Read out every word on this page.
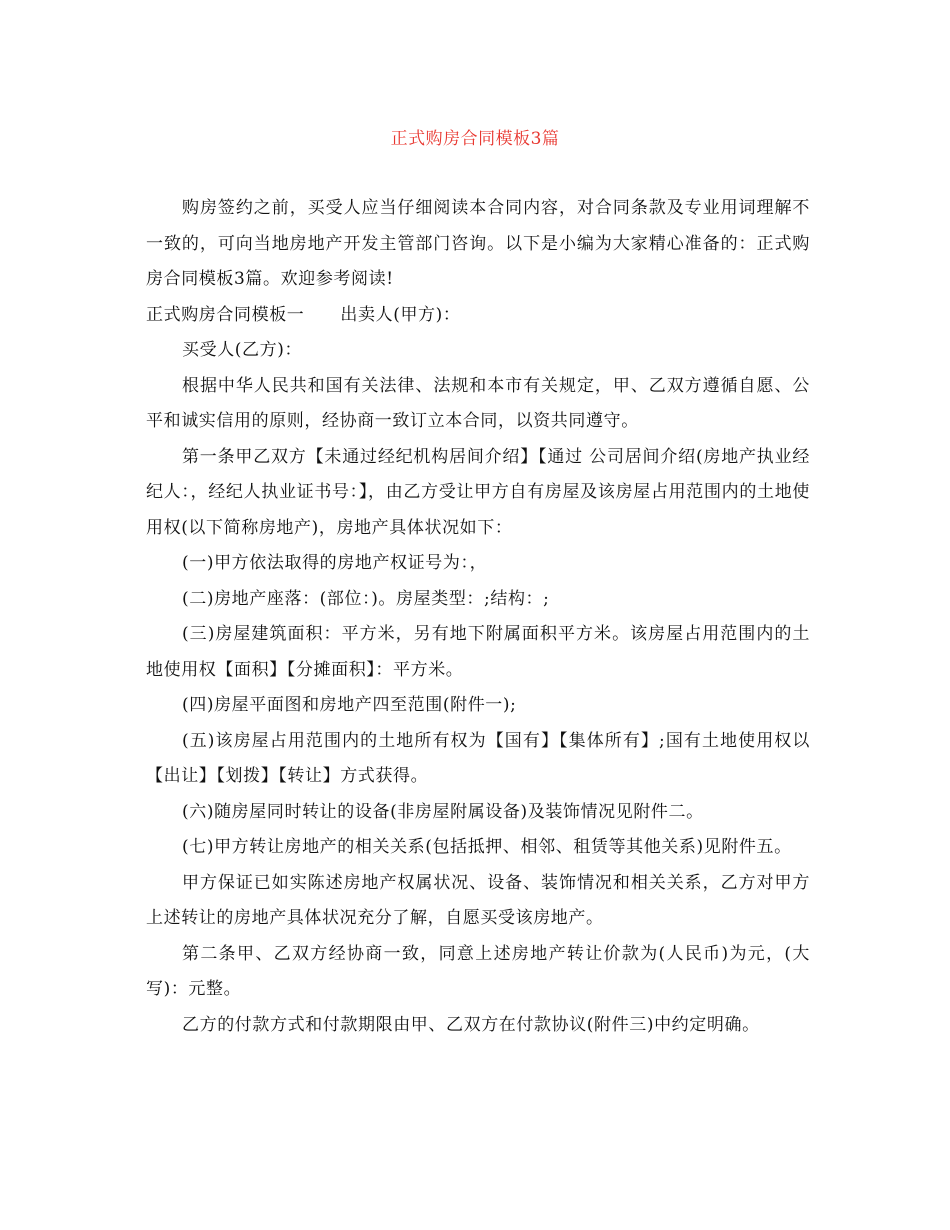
正式购房合同模板3篇

购房签约之前，买受人应当仔细阅读本合同内容，对合同条款及专业用词理解不一致的，可向当地房地产开发主管部门咨询。以下是小编为大家精心准备的：正式购房合同模板3篇。欢迎参考阅读!

正式购房合同模板一 出卖人(甲方)：

买受人(乙方)：

根据中华人民共和国有关法律、法规和本市有关规定，甲、乙双方遵循自愿、公平和诚实信用的原则，经协商一致订立本合同，以资共同遵守。

第一条甲乙双方【未通过经纪机构居间介绍】【通过 公司居间介绍(房地产执业经纪人：，经纪人执业证书号：】，由乙方受让甲方自有房屋及该房屋占用范围内的土地使用权(以下简称房地产)，房地产具体状况如下：

(一)甲方依法取得的房地产权证号为：，

(二)房地产座落：(部位：)。房屋类型：;结构：;

(三)房屋建筑面积：平方米，另有地下附属面积平方米。该房屋占用范围内的土地使用权【面积】【分摊面积】：平方米。

(四)房屋平面图和房地产四至范围(附件一);

(五)该房屋占用范围内的土地所有权为【国有】【集体所有】;国有土地使用权以【出让】【划拨】【转让】方式获得。

(六)随房屋同时转让的设备(非房屋附属设备)及装饰情况见附件二。

(七)甲方转让房地产的相关关系(包括抵押、相邻、租赁等其他关系)见附件五。

甲方保证已如实陈述房地产权属状况、设备、装饰情况和相关关系，乙方对甲方上述转让的房地产具体状况充分了解，自愿买受该房地产。

第二条甲、乙双方经协商一致，同意上述房地产转让价款为(人民币)为元，(大写)：元整。

乙方的付款方式和付款期限由甲、乙双方在付款协议(附件三)中约定明确。
